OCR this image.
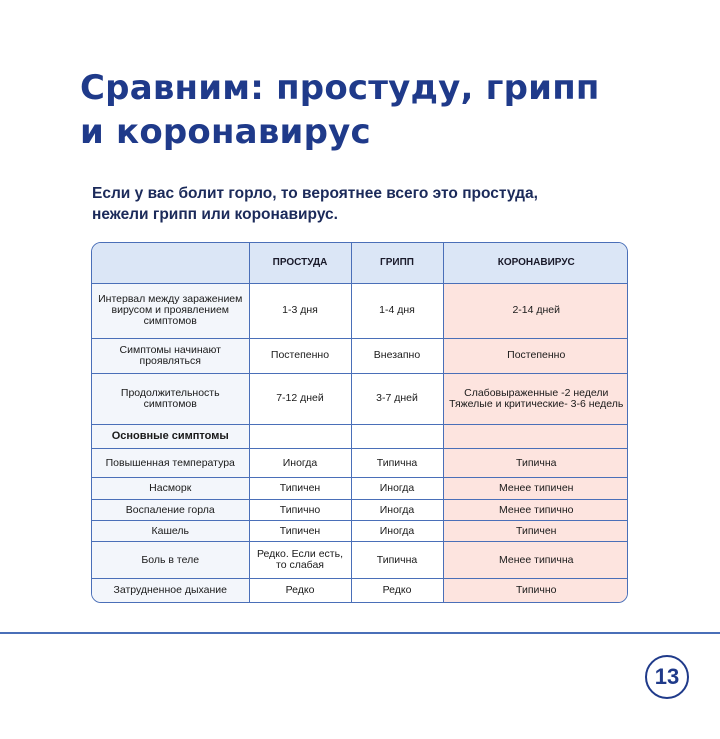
Сравним: простуду, грипп
и коронавирус

Если у вас болит горло, то вероятнее всего это простуда,
нежели грипп или коронавирус.

	ПРОСТУДА	ГРИПП	КОРОНАВИРУС
Интервал между заражением вирусом и проявлением симптомов	1-3 дня	1-4 дня	2-14 дней
Симптомы начинают проявляться	Постепенно	Внезапно	Постепенно
Продолжительность симптомов	7-12 дней	3-7 дней	Слабовыраженные -2 недели Тяжелые и критические- 3-6 недель
Основные симптомы			
Повышенная температура	Иногда	Типична	Типична
Насморк	Типичен	Иногда	Менее типичен
Воспаление горла	Типично	Иногда	Менее типично
Кашель	Типичен	Иногда	Типичен
Боль в теле	Редко. Если есть, то слабая	Типична	Менее типична
Затрудненное дыхание	Редко	Редко	Типично
13
